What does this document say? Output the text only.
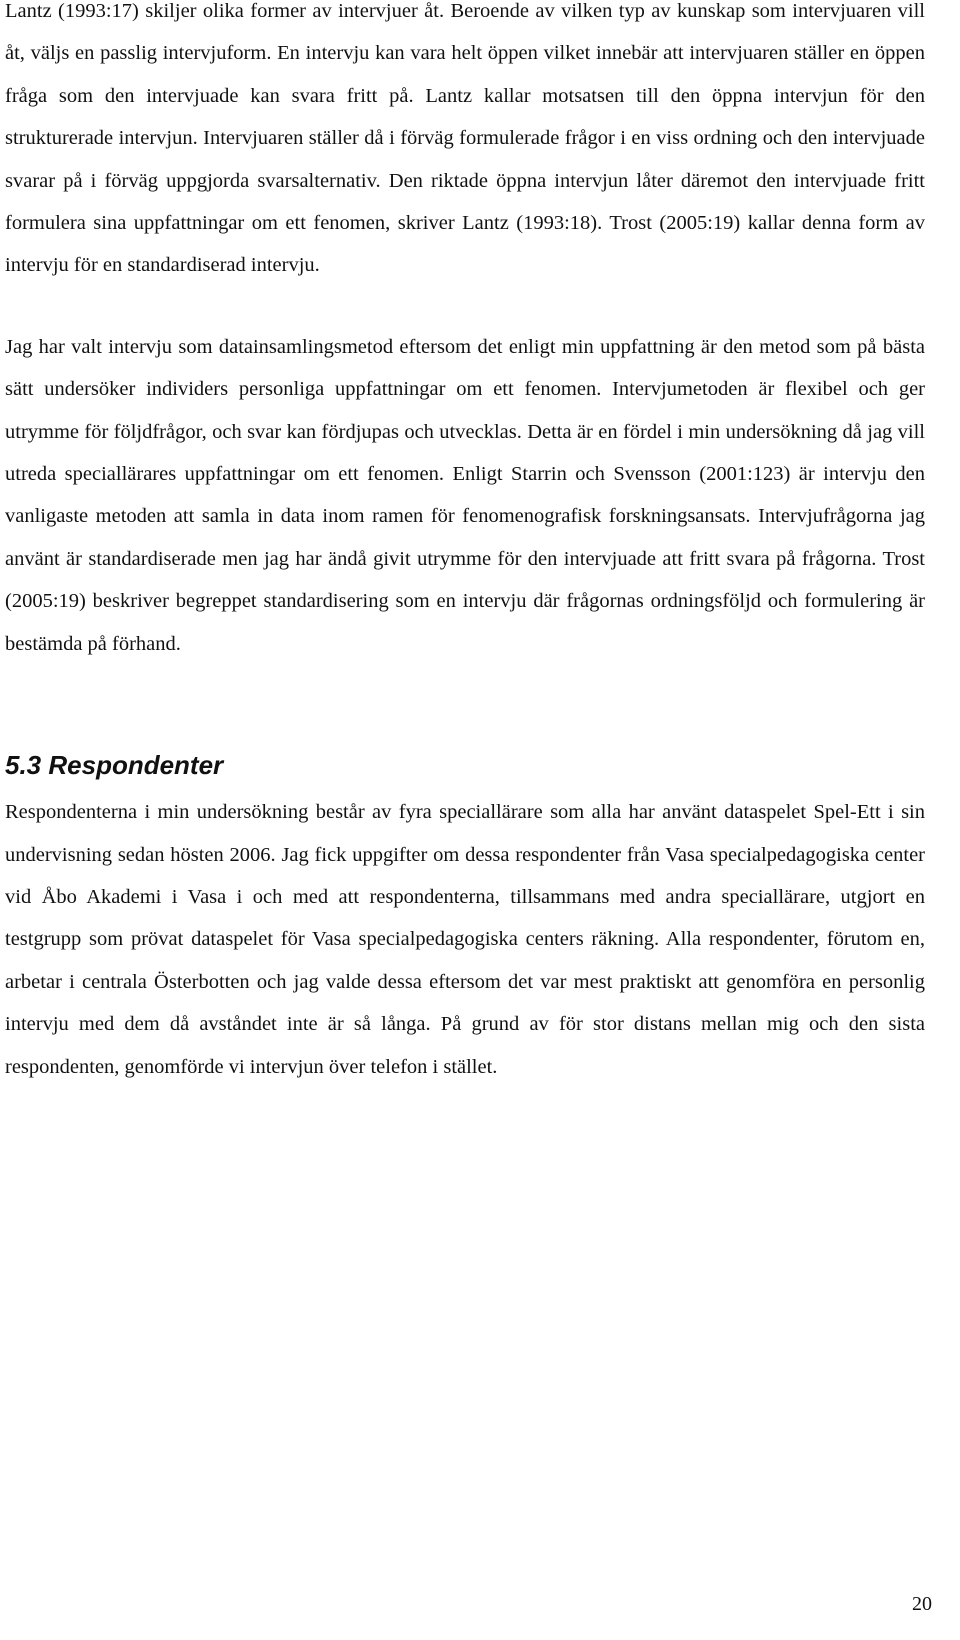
Lantz (1993:17) skiljer olika former av intervjuer åt. Beroende av vilken typ av kunskap som intervjuaren vill åt, väljs en passlig intervjuform. En intervju kan vara helt öppen vilket innebär att intervjuaren ställer en öppen fråga som den intervjuade kan svara fritt på. Lantz kallar motsatsen till den öppna intervjun för den strukturerade intervjun. Intervjuaren ställer då i förväg formulerade frågor i en viss ordning och den intervjuade svarar på i förväg uppgjorda svarsalternativ. Den riktade öppna intervjun låter däremot den intervjuade fritt formulera sina uppfattningar om ett fenomen, skriver Lantz (1993:18). Trost (2005:19) kallar denna form av intervju för en standardiserad intervju.

Jag har valt intervju som datainsamlingsmetod eftersom det enligt min uppfattning är den metod som på bästa sätt undersöker individers personliga uppfattningar om ett fenomen. Intervjumetoden är flexibel och ger utrymme för följdfrågor, och svar kan fördjupas och utvecklas. Detta är en fördel i min undersökning då jag vill utreda speciallärares uppfattningar om ett fenomen. Enligt Starrin och Svensson (2001:123) är intervju den vanligaste metoden att samla in data inom ramen för fenomenografisk forskningsansats. Intervjufrågorna jag använt är standardiserade men jag har ändå givit utrymme för den intervjuade att fritt svara på frågorna. Trost (2005:19) beskriver begreppet standardisering som en intervju där frågornas ordningsföljd och formulering är bestämda på förhand.

5.3 Respondenter

Respondenterna i min undersökning består av fyra speciallärare som alla har använt dataspelet Spel-Ett i sin undervisning sedan hösten 2006. Jag fick uppgifter om dessa respondenter från Vasa specialpedagogiska center vid Åbo Akademi i Vasa i och med att respondenterna, tillsammans med andra speciallärare, utgjort en testgrupp som prövat dataspelet för Vasa specialpedagogiska centers räkning. Alla respondenter, förutom en, arbetar i centrala Österbotten och jag valde dessa eftersom det var mest praktiskt att genomföra en personlig intervju med dem då avståndet inte är så långa. På grund av för stor distans mellan mig och den sista respondenten, genomförde vi intervjun över telefon i stället.

20
